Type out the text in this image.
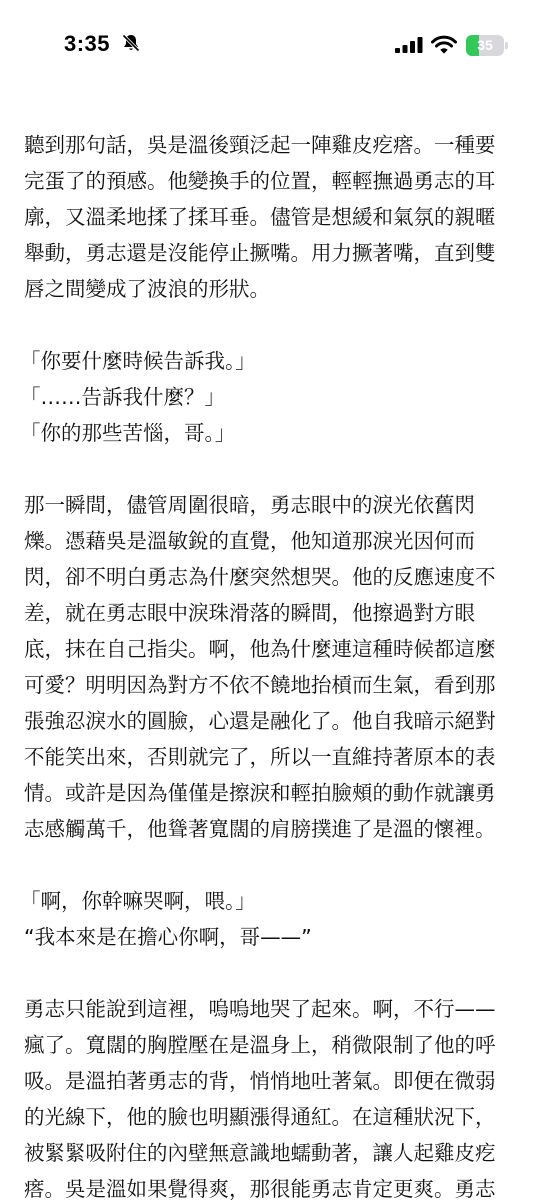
3:35	35
聽到那句話，吳是溫後頸泛起一陣雞皮疙瘩。一種要
完蛋了的預感。他變換手的位置，輕輕撫過勇志的耳
廓，又溫柔地揉了揉耳垂。儘管是想緩和氣氛的親暱
舉動，勇志還是沒能停止撅嘴。用力撅著嘴，直到雙
唇之間變成了波浪的形狀。
「你要什麼時候告訴我。」
「……告訴我什麼？」
「你的那些苦惱，哥。」
那一瞬間，儘管周圍很暗，勇志眼中的淚光依舊閃
爍。憑藉吳是溫敏銳的直覺，他知道那淚光因何而
閃，卻不明白勇志為什麼突然想哭。他的反應速度不
差，就在勇志眼中淚珠滑落的瞬間，他擦過對方眼
底，抹在自己指尖。啊，他為什麼連這種時候都這麼
可愛？明明因為對方不依不饒地抬槓而生氣，看到那
張強忍淚水的圓臉，心還是融化了。他自我暗示絕對
不能笑出來，否則就完了，所以一直維持著原本的表
情。或許是因為僅僅是擦淚和輕拍臉頰的動作就讓勇
志感觸萬千，他聳著寬闊的肩膀撲進了是溫的懷裡。
「啊，你幹嘛哭啊，喂。」
“我本來是在擔心你啊，哥——”
勇志只能說到這裡，嗚嗚地哭了起來。啊，不行——
瘋了。寬闊的胸膛壓在是溫身上，稍微限制了他的呼
吸。是溫拍著勇志的背，悄悄地吐著氣。即便在微弱
的光線下，他的臉也明顯漲得通紅。在這種狀況下，
被緊緊吸附住的內壁無意識地蠕動著，讓人起雞皮疙
瘩。吳是溫如果覺得爽，那很能勇志肯定更爽。勇志
